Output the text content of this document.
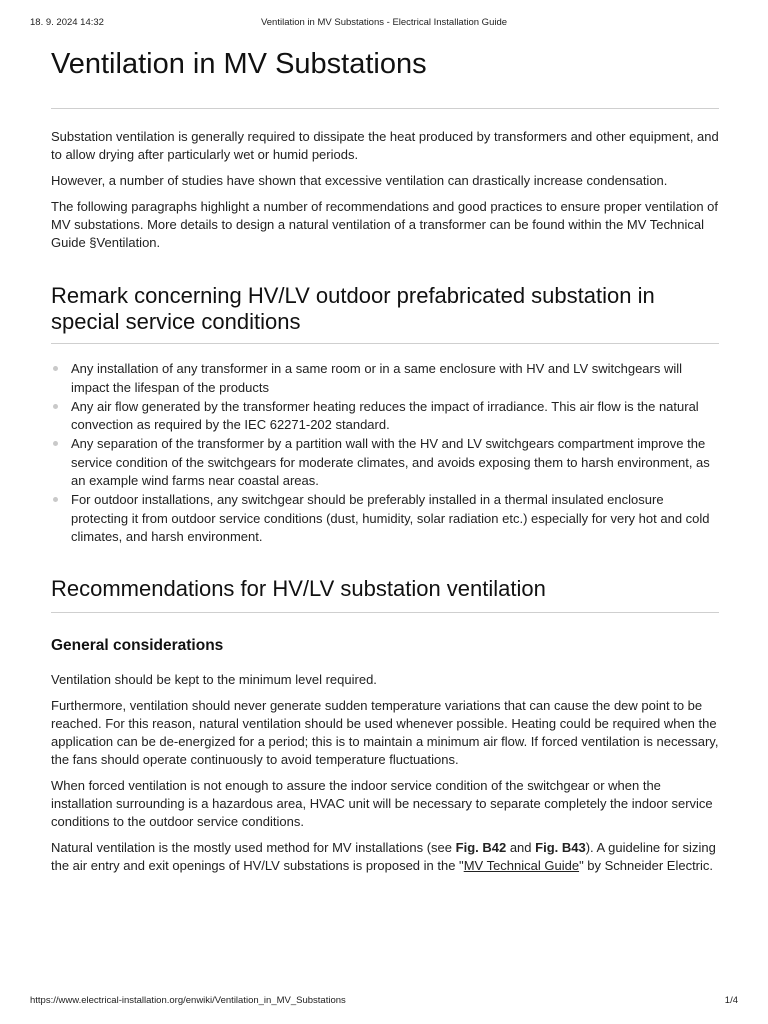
18. 9. 2024 14:32	Ventilation in MV Substations - Electrical Installation Guide
Ventilation in MV Substations

Substation ventilation is generally required to dissipate the heat produced by transformers and other equipment, and to allow drying after particularly wet or humid periods.

However, a number of studies have shown that excessive ventilation can drastically increase condensation.

The following paragraphs highlight a number of recommendations and good practices to ensure proper ventilation of MV substations. More details to design a natural ventilation of a transformer can be found within the MV Technical Guide §Ventilation.

Remark concerning HV/LV outdoor prefabricated substation in special service conditions
Any installation of any transformer in a same room or in a same enclosure with HV and LV switchgears will impact the lifespan of the products
Any air flow generated by the transformer heating reduces the impact of irradiance. This air flow is the natural convection as required by the IEC 62271-202 standard.
Any separation of the transformer by a partition wall with the HV and LV switchgears compartment improve the service condition of the switchgears for moderate climates, and avoids exposing them to harsh environment, as an example wind farms near coastal areas.
For outdoor installations, any switchgear should be preferably installed in a thermal insulated enclosure protecting it from outdoor service conditions (dust, humidity, solar radiation etc.) especially for very hot and cold climates, and harsh environment.
Recommendations for HV/LV substation ventilation
General considerations

Ventilation should be kept to the minimum level required.

Furthermore, ventilation should never generate sudden temperature variations that can cause the dew point to be reached. For this reason, natural ventilation should be used whenever possible. Heating could be required when the application can be de-energized for a period; this is to maintain a minimum air flow. If forced ventilation is necessary, the fans should operate continuously to avoid temperature fluctuations.

When forced ventilation is not enough to assure the indoor service condition of the switchgear or when the installation surrounding is a hazardous area, HVAC unit will be necessary to separate completely the indoor service conditions to the outdoor service conditions.

Natural ventilation is the mostly used method for MV installations (see Fig. B42 and Fig. B43). A guideline for sizing the air entry and exit openings of HV/LV substations is proposed in the "MV Technical Guide" by Schneider Electric.

https://www.electrical-installation.org/enwiki/Ventilation_in_MV_Substations	1/4
